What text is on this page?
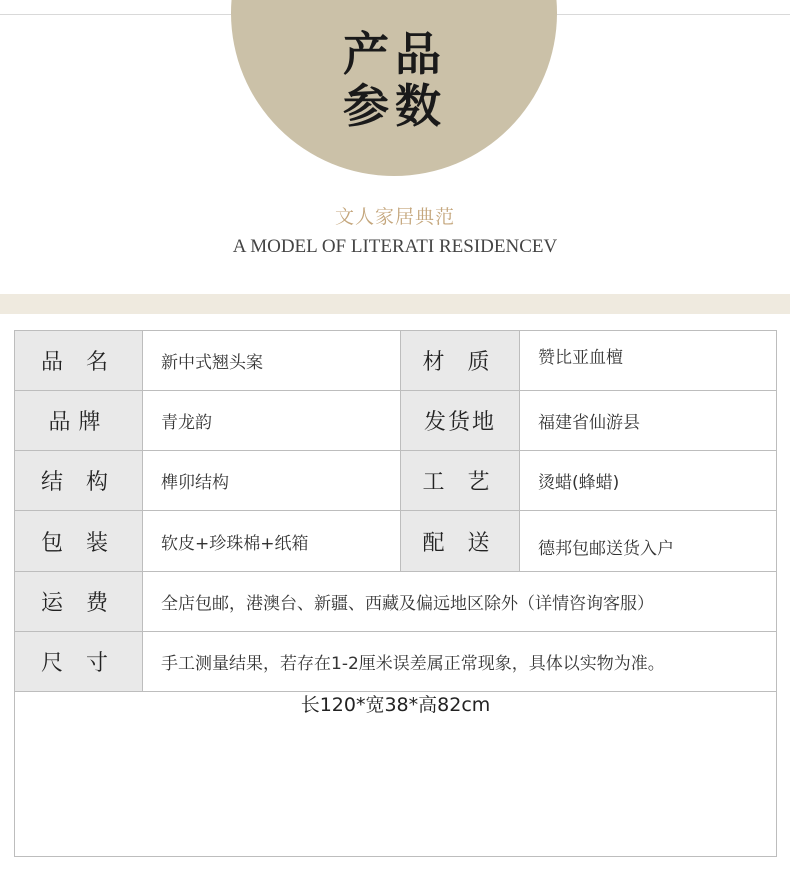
产品
参数
文人家居典范
A MODEL OF LITERATI RESIDENCEV
品 名	新中式翘头案	材 质	赞比亚血檀
品牌	青龙韵	发货地	福建省仙游县
结 构	榫卯结构	工 艺	烫蜡(蜂蜡)
包 装	软皮+珍珠棉+纸箱	配 送	德邦包邮送货入户
运 费	全店包邮，港澳台、新疆、西藏及偏远地区除外（详情咨询客服）
尺 寸	手工测量结果，若存在1-2厘米误差属正常现象，具体以实物为准。
长120*宽38*高82cm
